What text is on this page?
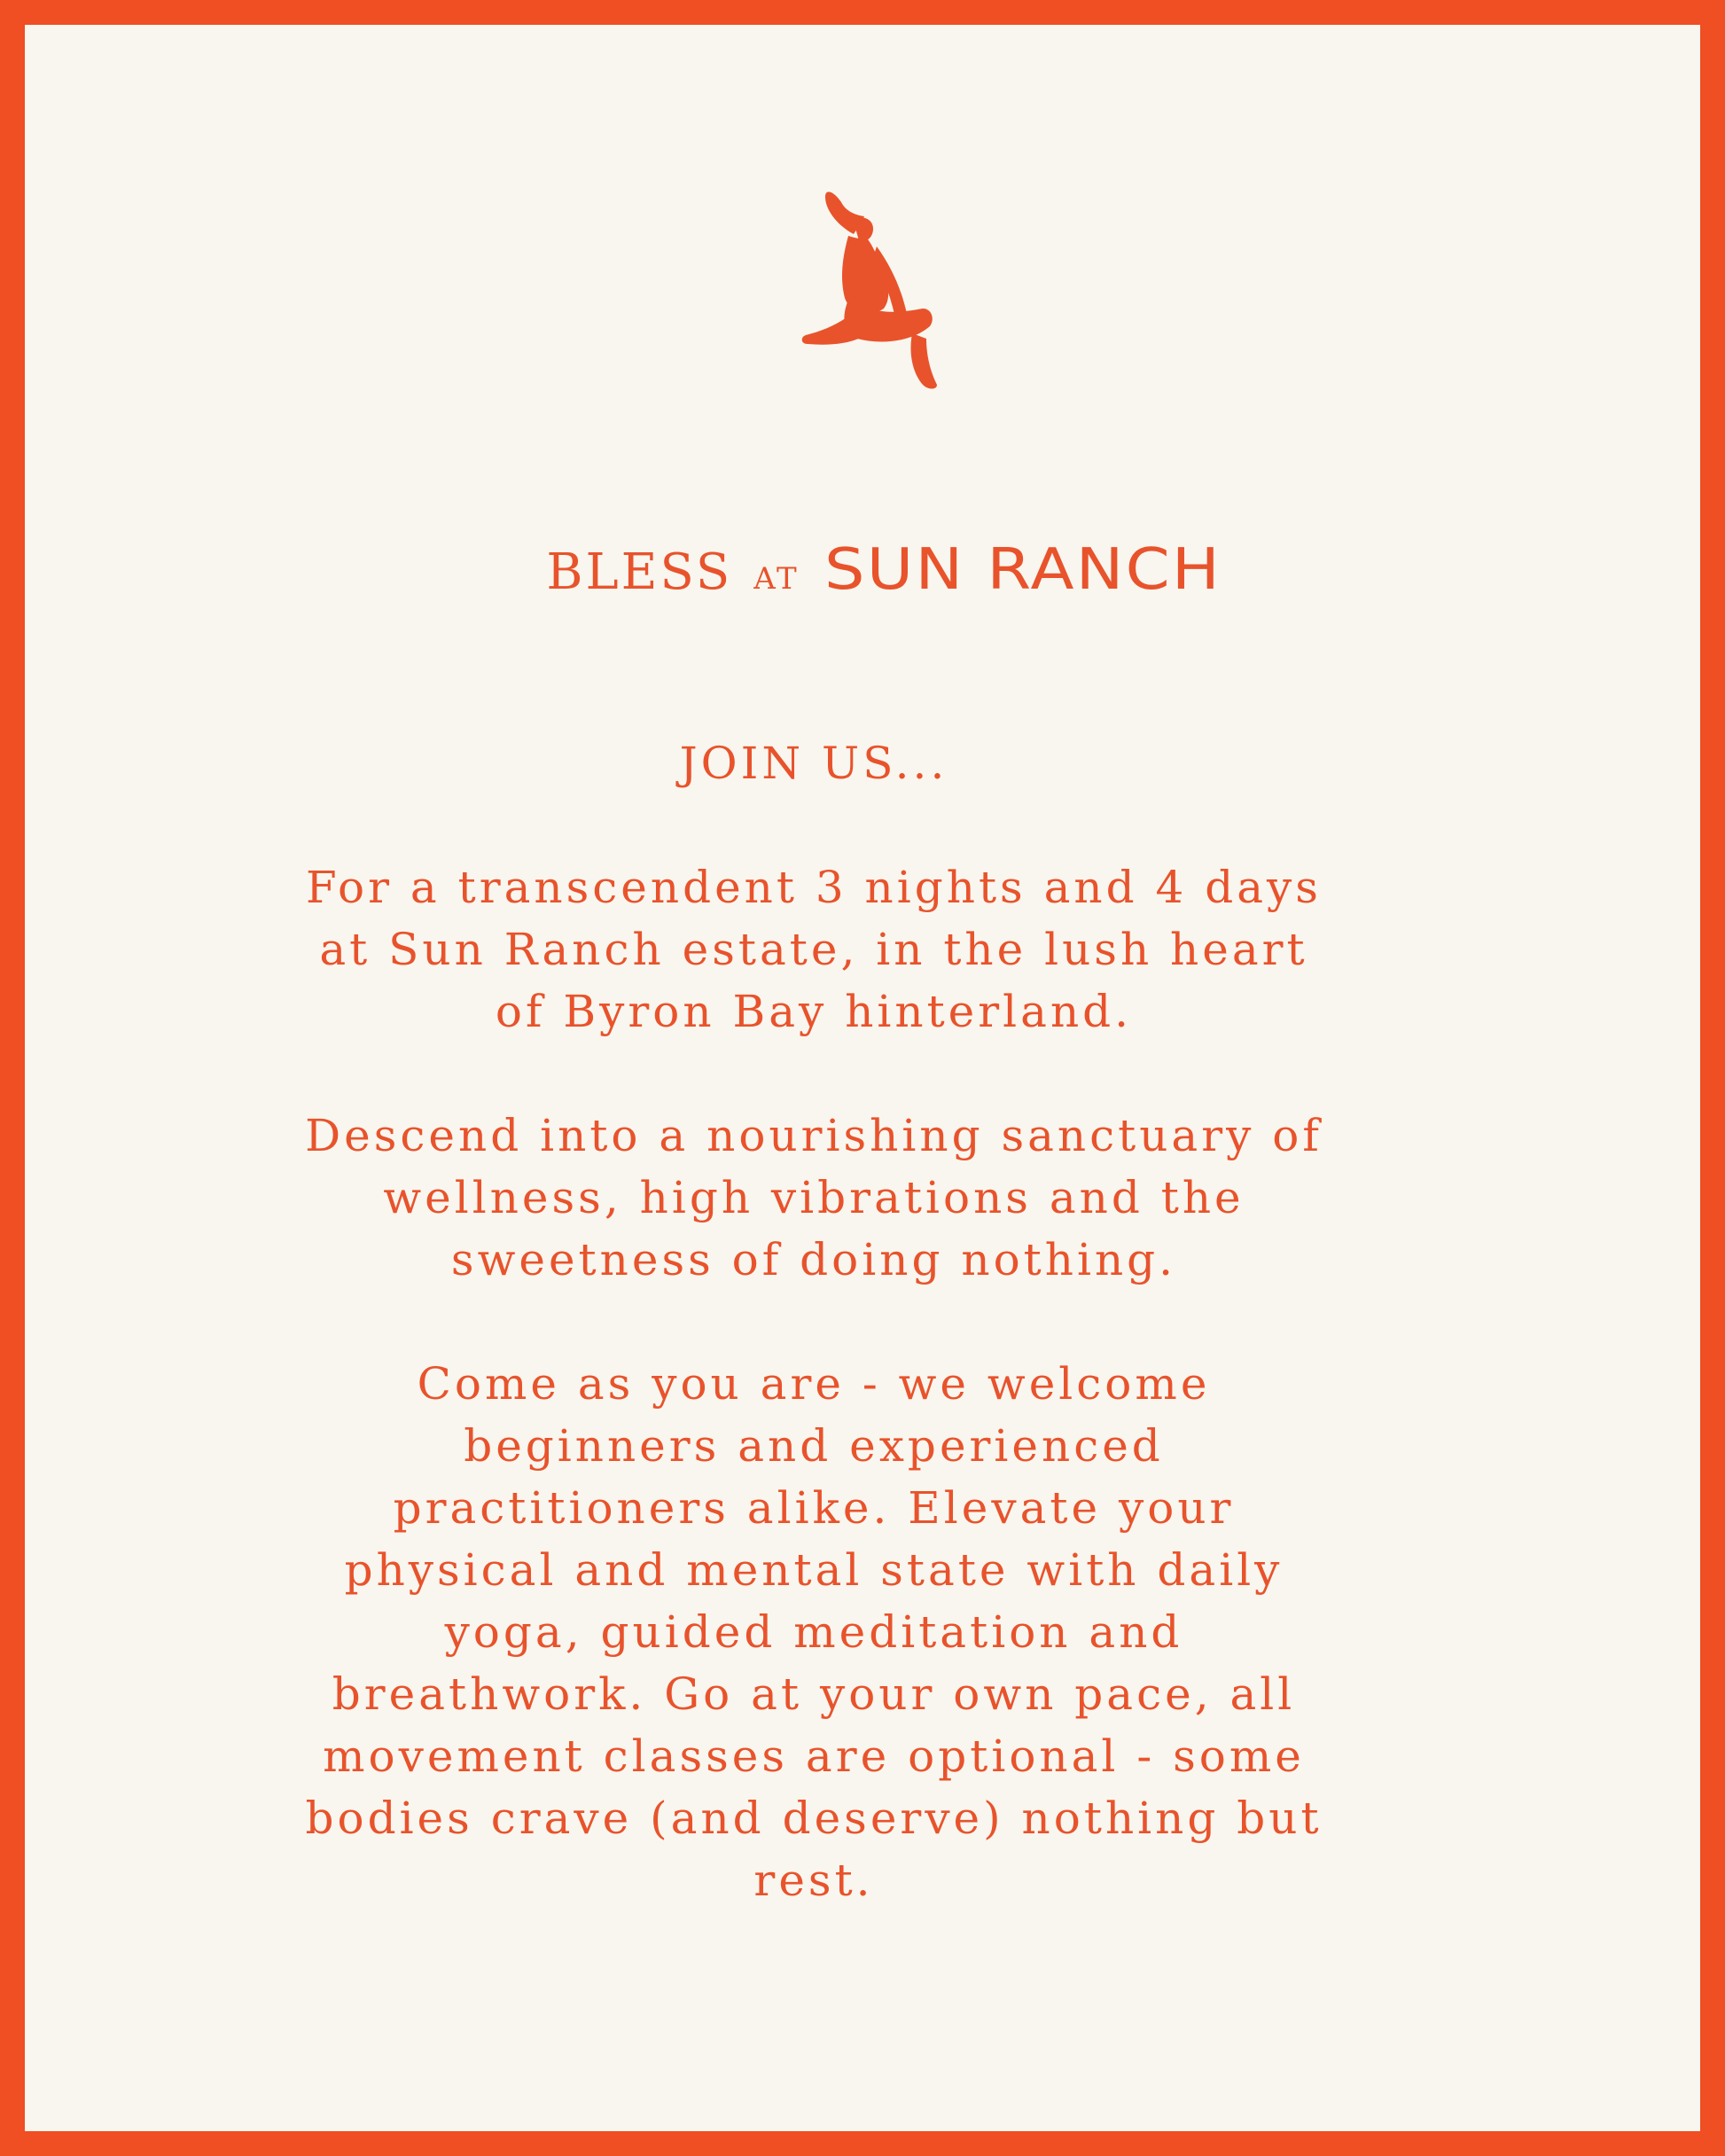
BLESS AT SUN RANCH

JOIN US...

For a transcendent 3 nights and 4 days at Sun Ranch estate, in the lush heart of Byron Bay hinterland.

Descend into a nourishing sanctuary of wellness, high vibrations and the sweetness of doing nothing.

Come as you are - we welcome beginners and experienced practitioners alike. Elevate your physical and mental state with daily yoga, guided meditation and breathwork. Go at your own pace, all movement classes are optional - some bodies crave (and deserve) nothing but rest.
